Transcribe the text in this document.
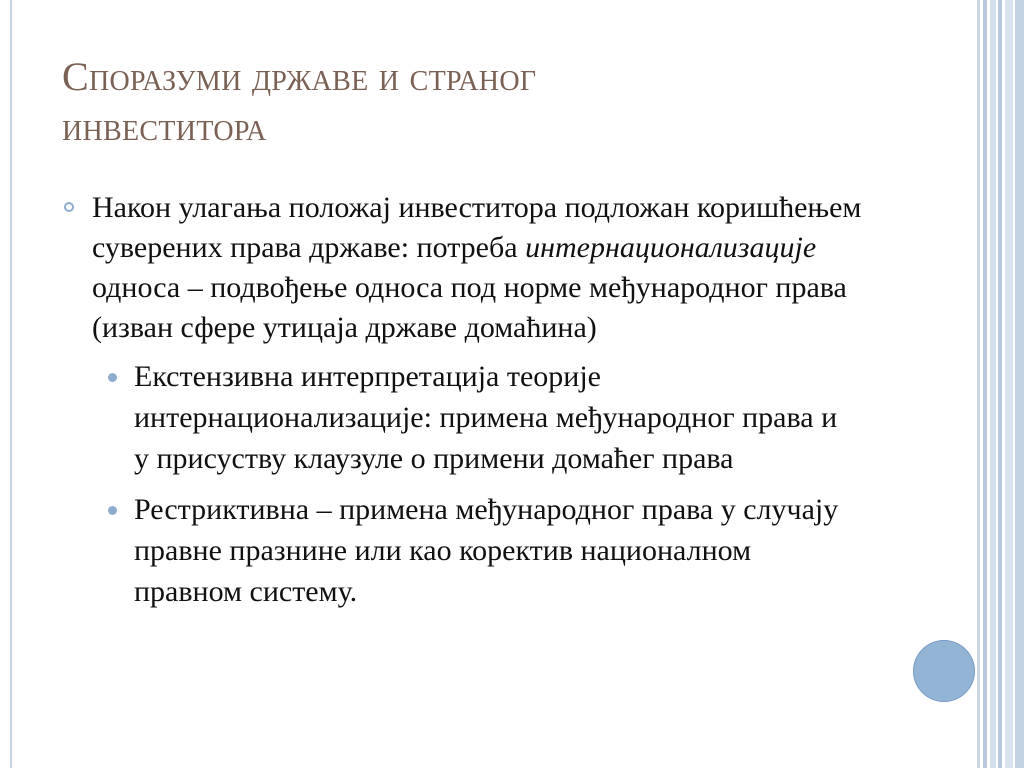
Споразуми државе и страног
инвеститора
Након улагања положај инвеститора подложан коришћењем суверених права државе: потреба интернационализације односа – подвођење односа под норме међународног права (изван сфере утицаја државе домаћина)
Екстензивна интерпретација теорије интернационализације: примена међународног права и у присуству клаузуле о примени домаћег права
Рестриктивна – примена међународног права у случају правне празнине или као коректив националном правном систему.
